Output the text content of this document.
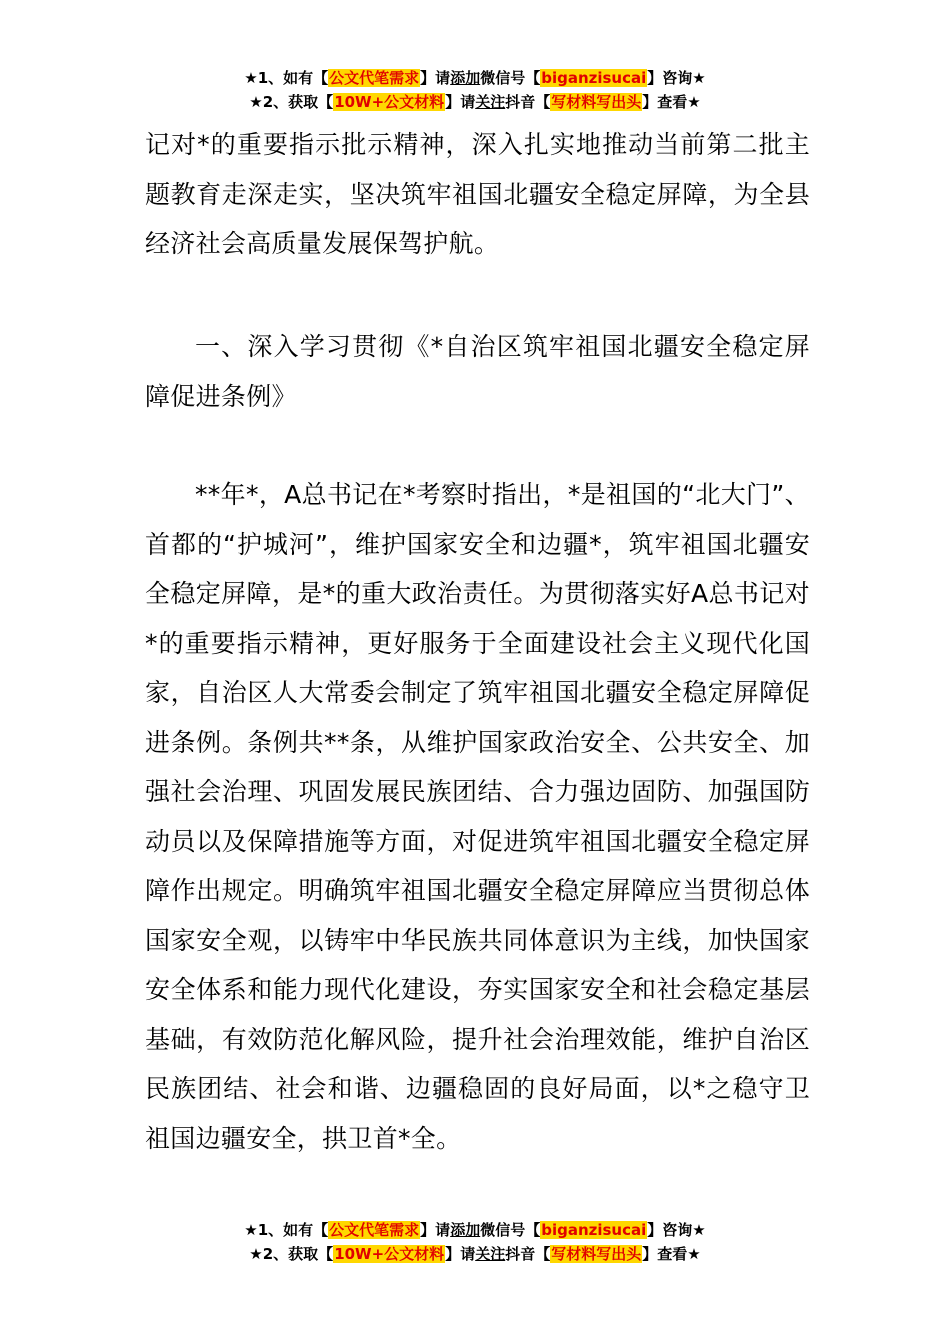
★1、如有【公文代笔需求】请添加微信号【biganzisucai】咨询★
★2、获取【10W+公文材料】请关注抖音【写材料写出头】查看★

记对*的重要指示批示精神，深入扎实地推动当前第二批主题教育走深走实，坚决筑牢祖国北疆安全稳定屏障，为全县经济社会高质量发展保驾护航。

一、深入学习贯彻《*自治区筑牢祖国北疆安全稳定屏障促进条例》

**年*，A总书记在*考察时指出，*是祖国的“北大门”、首都的“护城河”，维护国家安全和边疆*，筑牢祖国北疆安全稳定屏障，是*的重大政治责任。为贯彻落实好A总书记对*的重要指示精神，更好服务于全面建设社会主义现代化国家，自治区人大常委会制定了筑牢祖国北疆安全稳定屏障促进条例。条例共**条，从维护国家政治安全、公共安全、加强社会治理、巩固发展民族团结、合力强边固防、加强国防动员以及保障措施等方面，对促进筑牢祖国北疆安全稳定屏障作出规定。明确筑牢祖国北疆安全稳定屏障应当贯彻总体国家安全观，以铸牢中华民族共同体意识为主线，加快国家安全体系和能力现代化建设，夯实国家安全和社会稳定基层基础，有效防范化解风险，提升社会治理效能，维护自治区民族团结、社会和谐、边疆稳固的良好局面，以*之稳守卫祖国边疆安全，拱卫首*全。

★1、如有【公文代笔需求】请添加微信号【biganzisucai】咨询★
★2、获取【10W+公文材料】请关注抖音【写材料写出头】查看★
